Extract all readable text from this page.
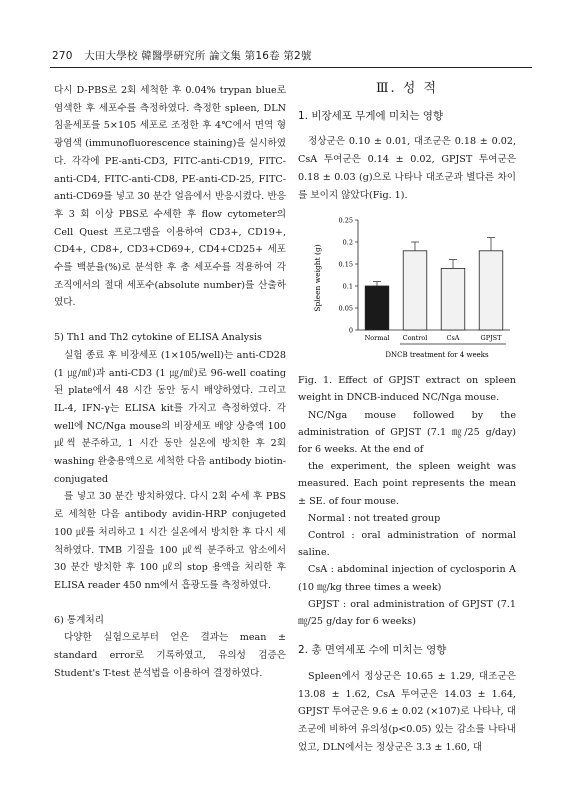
270 大田大學校 韓醫學硏究所 論文集 第16卷 第2號

다시 D-PBS로 2회 세척한 후 0.04% trypan blue로 염색한 후 세포수를 측정하였다. 측정한 spleen, DLN 침윤세포를 5×105 세포로 조정한 후 4℃에서 면역 형광염색 (immunofluorescence staining)을 실시하였다. 각각에 PE-anti-CD3, FITC-anti-CD19, FITC-anti-CD4, FITC-anti-CD8, PE-anti-CD-25, FITC-anti-CD69를 넣고 30 분간 얼음에서 반응시켰다. 반응 후 3 회 이상 PBS로 수세한 후 flow cytometer의 Cell Quest 프로그램을 이용하여 CD3+, CD19+, CD4+, CD8+, CD3+CD69+, CD4+CD25+ 세포수를 백분율(%)로 분석한 후 총 세포수를 적용하여 각 조직에서의 절대 세포수(absolute number)를 산출하였다.

5) Th1 and Th2 cytokine of ELISA Analysis

실험 종료 후 비장세포 (1×105/well)는 anti-CD28 (1 ㎍/㎖)과 anti-CD3 (1 ㎍/㎖)로 96-well coating된 plate에서 48 시간 동안 동시 배양하였다. 그리고 IL-4, IFN-γ는 ELISA kit를 가지고 측정하였다. 각 well에 NC/Nga mouse의 비장세포 배양 상층액 100 ㎕씩 분주하고, 1 시간 동안 실온에 방치한 후 2회 washing 완충용액으로 세척한 다음 antibody biotin-conjugated

를 넣고 30 분간 방치하였다. 다시 2회 수세 후 PBS로 세척한 다음 antibody avidin-HRP conjugeted 100 ㎕를 처리하고 1 시간 실온에서 방치한 후 다시 세척하였다. TMB 기질을 100 ㎕씩 분주하고 암소에서 30 분간 방치한 후 100 ㎕의 stop 용액을 처리한 후 ELISA reader 450 nm에서 흡광도를 측정하였다.

6) 통계처리

다양한 실험으로부터 얻은 결과는 mean ± standard error로 기록하였고, 유의성 검증은 Student's T-test 분석법을 이용하여 결정하였다.

Ⅲ. 성 적
1. 비장세포 무게에 미치는 영향

정상군은 0.10 ± 0.01, 대조군은 0.18 ± 0.02, CsA 투여군은 0.14 ± 0.02, GPJST 투여군은 0.18 ± 0.03 (g)으로 나타나 대조군과 별다른 차이를 보이지 않았다(Fig. 1).

Spleen weight (g)
DNCB treatment for 4 weeks
0
0.05
0.1
0.15
0.2
0.25
Normal Control	CsA	GPJST

Fig. 1. Effect of GPJST extract on spleen weight in DNCB-induced NC/Nga mouse.

NC/Nga mouse followed by the administration of GPJST (7.1 ㎎/25 g/day) for 6 weeks. At the end of

the experiment, the spleen weight was measured. Each point represents the mean ± SE. of four mouse.

Normal : not treated group

Control : oral administration of normal saline.

CsA : abdominal injection of cyclosporin A (10 ㎎/kg three times a week)

GPJST : oral administration of GPJST (7.1 ㎎/25 g/day for 6 weeks)

2. 총 면역세포 수에 미치는 영향

Spleen에서 정상군은 10.65 ± 1.29, 대조군은 13.08 ± 1.62, CsA 투여군은 14.03 ± 1.64, GPJST 투여군은 9.6 ± 0.02 (×107)로 나타나, 대조군에 비하여 유의성(p<0.05) 있는 감소를 나타내었고, DLN에서는 정상군은 3.3 ± 1.60, 대
